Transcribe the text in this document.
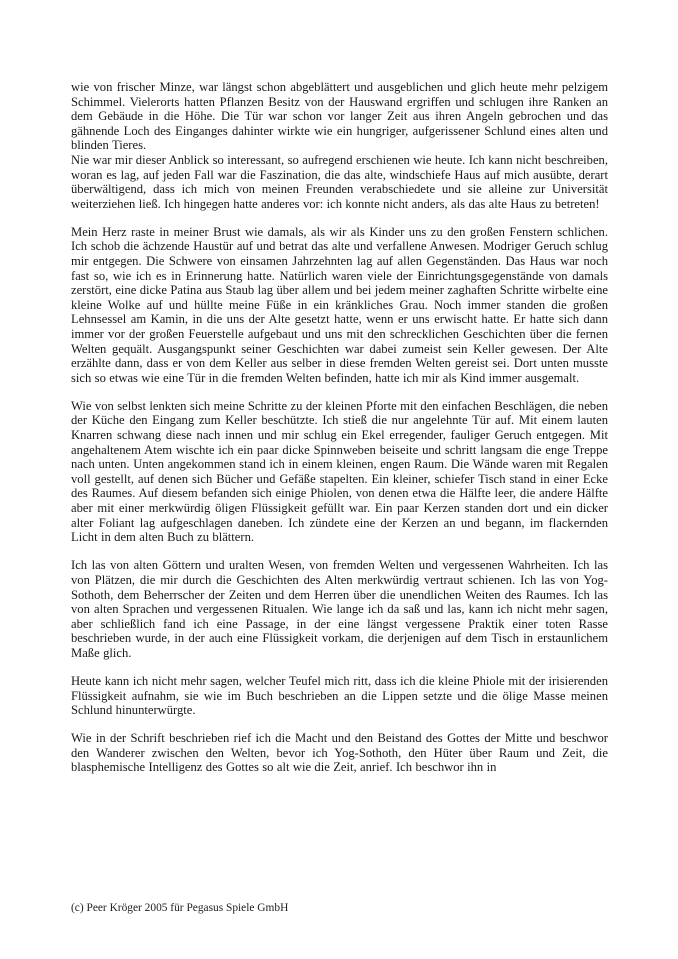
wie von frischer Minze, war längst schon abgeblättert und ausgeblichen und glich heute mehr pelzigem Schimmel. Vielerorts hatten Pflanzen Besitz von der Hauswand ergriffen und schlugen ihre Ranken an dem Gebäude in die Höhe. Die Tür war schon vor langer Zeit aus ihren Angeln gebrochen und das gähnende Loch des Einganges dahinter wirkte wie ein hungriger, aufgerissener Schlund eines alten und blinden Tieres.
Nie war mir dieser Anblick so interessant, so aufregend erschienen wie heute. Ich kann nicht beschreiben, woran es lag, auf jeden Fall war die Faszination, die das alte, windschiefe Haus auf mich ausübte, derart überwältigend, dass ich mich von meinen Freunden verabschiedete und sie alleine zur Universität weiterziehen ließ. Ich hingegen hatte anderes vor: ich konnte nicht anders, als das alte Haus zu betreten!
Mein Herz raste in meiner Brust wie damals, als wir als Kinder uns zu den großen Fenstern schlichen. Ich schob die ächzende Haustür auf und betrat das alte und verfallene Anwesen. Modriger Geruch schlug mir entgegen. Die Schwere von einsamen Jahrzehnten lag auf allen Gegenständen. Das Haus war noch fast so, wie ich es in Erinnerung hatte. Natürlich waren viele der Einrichtungsgegenstände von damals zerstört, eine dicke Patina aus Staub lag über allem und bei jedem meiner zaghaften Schritte wirbelte eine kleine Wolke auf und hüllte meine Füße in ein kränkliches Grau. Noch immer standen die großen Lehnsessel am Kamin, in die uns der Alte gesetzt hatte, wenn er uns erwischt hatte. Er hatte sich dann immer vor der großen Feuerstelle aufgebaut und uns mit den schrecklichen Geschichten über die fernen Welten gequält. Ausgangspunkt seiner Geschichten war dabei zumeist sein Keller gewesen. Der Alte erzählte dann, dass er von dem Keller aus selber in diese fremden Welten gereist sei. Dort unten musste sich so etwas wie eine Tür in die fremden Welten befinden, hatte ich mir als Kind immer ausgemalt.
Wie von selbst lenkten sich meine Schritte zu der kleinen Pforte mit den einfachen Beschlägen, die neben der Küche den Eingang zum Keller beschützte. Ich stieß die nur angelehnte Tür auf. Mit einem lauten Knarren schwang diese nach innen und mir schlug ein Ekel erregender, fauliger Geruch entgegen. Mit angehaltenem Atem wischte ich ein paar dicke Spinnweben beiseite und schritt langsam die enge Treppe nach unten. Unten angekommen stand ich in einem kleinen, engen Raum. Die Wände waren mit Regalen voll gestellt, auf denen sich Bücher und Gefäße stapelten. Ein kleiner, schiefer Tisch stand in einer Ecke des Raumes. Auf diesem befanden sich einige Phiolen, von denen etwa die Hälfte leer, die andere Hälfte aber mit einer merkwürdig öligen Flüssigkeit gefüllt war. Ein paar Kerzen standen dort und ein dicker alter Foliant lag aufgeschlagen daneben. Ich zündete eine der Kerzen an und begann, im flackernden Licht in dem alten Buch zu blättern.
Ich las von alten Göttern und uralten Wesen, von fremden Welten und vergessenen Wahrheiten. Ich las von Plätzen, die mir durch die Geschichten des Alten merkwürdig vertraut schienen. Ich las von Yog-Sothoth, dem Beherrscher der Zeiten und dem Herren über die unendlichen Weiten des Raumes. Ich las von alten Sprachen und vergessenen Ritualen. Wie lange ich da saß und las, kann ich nicht mehr sagen, aber schließlich fand ich eine Passage, in der eine längst vergessene Praktik einer toten Rasse beschrieben wurde, in der auch eine Flüssigkeit vorkam, die derjenigen auf dem Tisch in erstaunlichem Maße glich.
Heute kann ich nicht mehr sagen, welcher Teufel mich ritt, dass ich die kleine Phiole mit der irisierenden Flüssigkeit aufnahm, sie wie im Buch beschrieben an die Lippen setzte und die ölige Masse meinen Schlund hinunterwürgte.
Wie in der Schrift beschrieben rief ich die Macht und den Beistand des Gottes der Mitte und beschwor den Wanderer zwischen den Welten, bevor ich Yog-Sothoth, den Hüter über Raum und Zeit, die blasphemische Intelligenz des Gottes so alt wie die Zeit, anrief. Ich beschwor ihn in
(c) Peer Kröger 2005 für Pegasus Spiele GmbH
